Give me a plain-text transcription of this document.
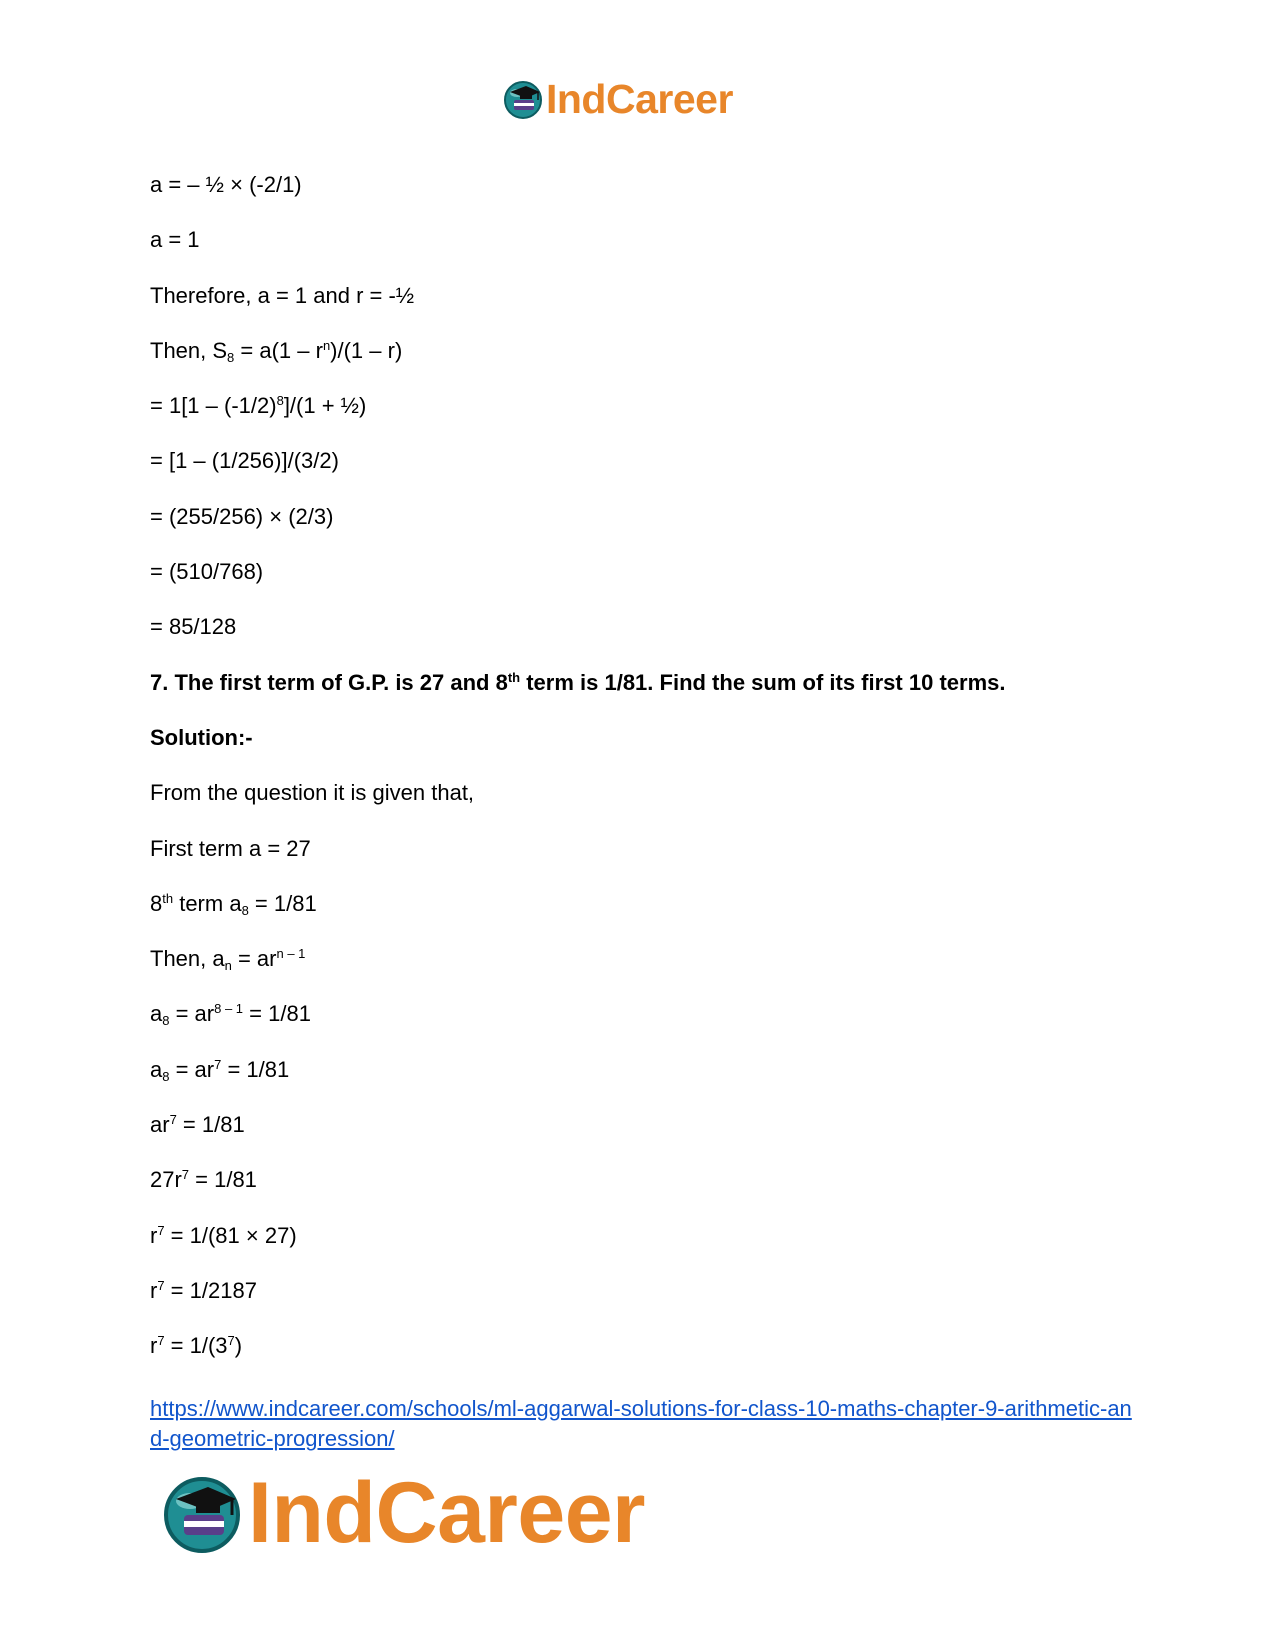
IndCareer
a = – ½ × (-2/1)
a = 1
Therefore, a = 1 and r = -½
Then, $S_8 = a(1 - r^n)/(1 - r)$
= $1[1 - (-1/2)^8]/(1$ + ½)
= [1 – (1/256)]/(3/2)
= (255/256) × (2/3)
= (510/768)
= 85/128
7. The first term of G.P. is 27 and 8th term is 1/81. Find the sum of its first 10 terms.
Solution:-
From the question it is given that,
First term a = 27
8th term $a_8 = 1/81$
Then, $a_n = ar^{n - 1}$
$a_8 = ar^{8 - 1} = 1/81$
$a_8 = ar^7 = 1/81$
$ar^7 = 1/81$
$27r^7 = 1/81$
$r^7 = 1/(81 \times 27)$
$r^7 = 1/2187$
$r^7 = 1/(3^7)$
https://www.indcareer.com/schools/ml-aggarwal-solutions-for-class-10-maths-chapter-9-arithmetic-and-geometric-progression/
IndCareer
